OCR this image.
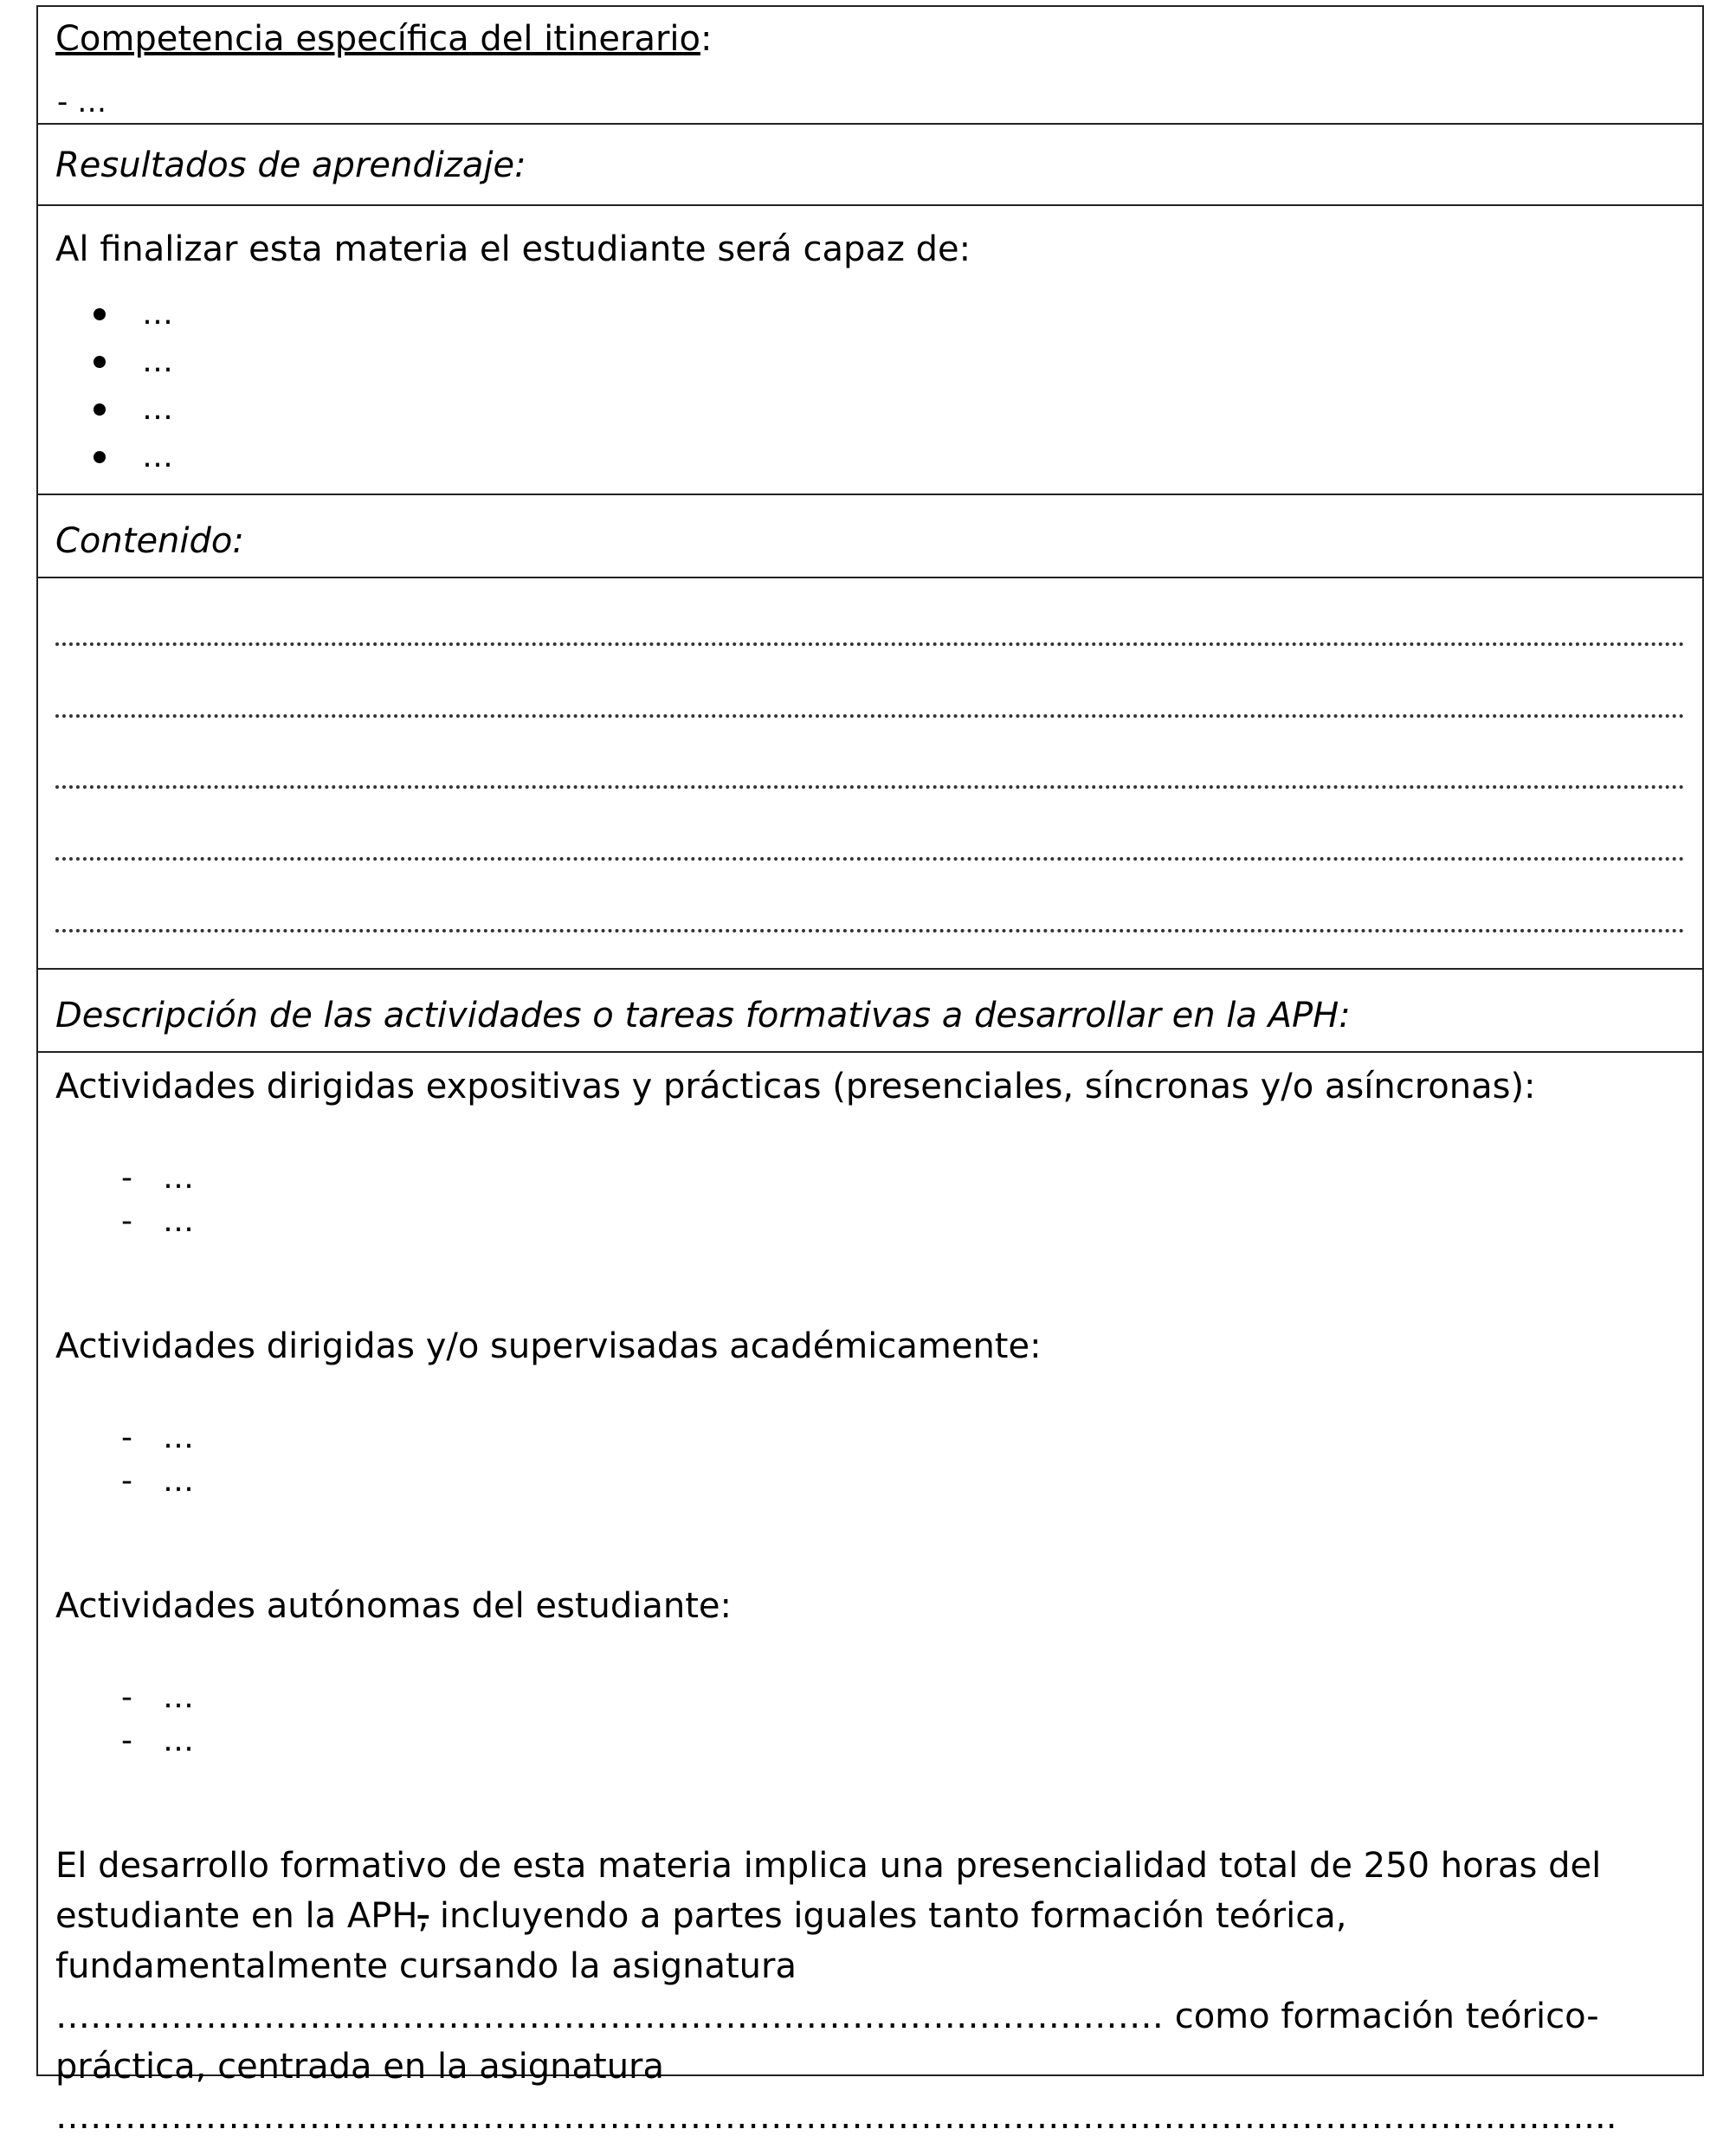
Competencia específica del itinerario:
- …
Resultados de aprendizaje:
Al finalizar esta materia el estudiante será capaz de:
…
…
…
…
Contenido:
Descripción de las actividades o tareas formativas a desarrollar en la APH:
Actividades dirigidas expositivas y prácticas (presenciales, síncronas y/o asíncronas):
- …
- …
Actividades dirigidas y/o supervisadas académicamente:
- …
- …
Actividades autónomas del estudiante:
- …
- …
El desarrollo formativo de esta materia implica una presencialidad total de 250 horas del estudiante en la APH, incluyendo a partes iguales tanto formación teórica, fundamentalmente cursando la asignatura …………………………………………………………………………………… como formación teórico-práctica, centrada en la asignatura ………….………………………………………………………………………………………………...............
